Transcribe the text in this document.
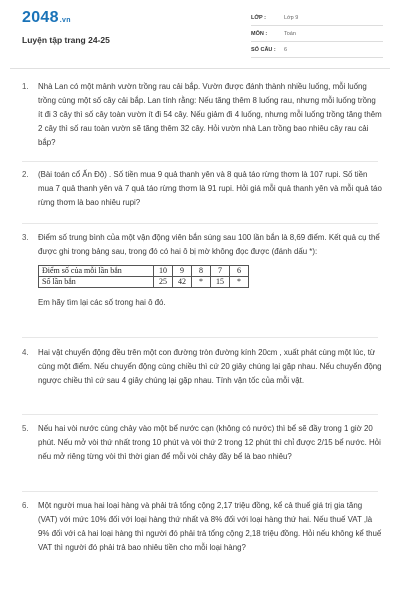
2048.vn
Luyện tập trang 24-25
LỚP :	Lớp 9
MÔN :	Toán
SỐ CÂU :	6
1.	Nhà Lan có một mảnh vườn trồng rau cải bắp. Vườn được đánh thành nhiều luống, mỗi luống trồng cùng một số cây cải bắp. Lan tính rằng: Nếu tăng thêm 8 luống rau, nhưng mỗi luống trồng ít đi 3 cây thì số cây toàn vườn ít đi 54 cây. Nếu giảm đi 4 luống, nhưng mỗi luống trồng tăng thêm 2 cây thì số rau toàn vườn sẽ tăng thêm 32 cây. Hỏi vườn nhà Lan trồng bao nhiêu cây rau cải bắp?
2.	(Bài toán cổ Ấn Độ) . Số tiền mua 9 quả thanh yên và 8 quả táo rừng thơm là 107 rupi. Số tiền mua 7 quả thanh yên và 7 quả táo rừng thơm là 91 rupi. Hỏi giá mỗi quả thanh yên và mỗi quả táo rừng thơm là bao nhiêu rupi?
3.	Điểm số trung bình của một vận động viên bắn súng sau 100 lần bắn là 8,69 điểm. Kết quả cụ thể được ghi trong bảng sau, trong đó có hai ô bị mờ không đọc được (đánh dấu *):
Điểm số của mỗi lần bắn	10	9	8	7	6
Số lần bắn	25	42	*	15	*
Em hãy tìm lại các số trong hai ô đó.
4.	Hai vật chuyển động đều trên một con đường tròn đường kính 20cm , xuất phát cùng một lúc, từ cùng một điểm. Nếu chuyển động cùng chiều thì cứ 20 giây chúng lại gặp nhau. Nếu chuyển động ngược chiều thì cứ sau 4 giây chúng lại gặp nhau. Tính vận tốc của mỗi vật.
5.	Nếu hai vòi nước cùng chảy vào một bể nước cạn (không có nước) thì bể sẽ đầy trong 1 giờ 20 phút. Nếu mở vòi thứ nhất trong 10 phút và vòi thứ 2 trong 12 phút thì chỉ được 2/15 bể nước. Hỏi nếu mở riêng từng vòi thì thời gian để mỗi vòi chảy đầy bể là bao nhiêu?
6.	Một người mua hai loại hàng và phải trả tổng cộng 2,17 triệu đồng, kể cả thuế giá trị gia tăng (VAT) với mức 10% đối với loại hàng thứ nhất và 8% đối với loại hàng thứ hai. Nếu thuế VAT ,là 9% đối với cả hai loại hàng thì người đó phải trả tổng cộng 2,18 triệu đồng. Hỏi nếu không kể thuế VAT thì người đó phải trả bao nhiêu tiền cho mỗi loại hàng?
